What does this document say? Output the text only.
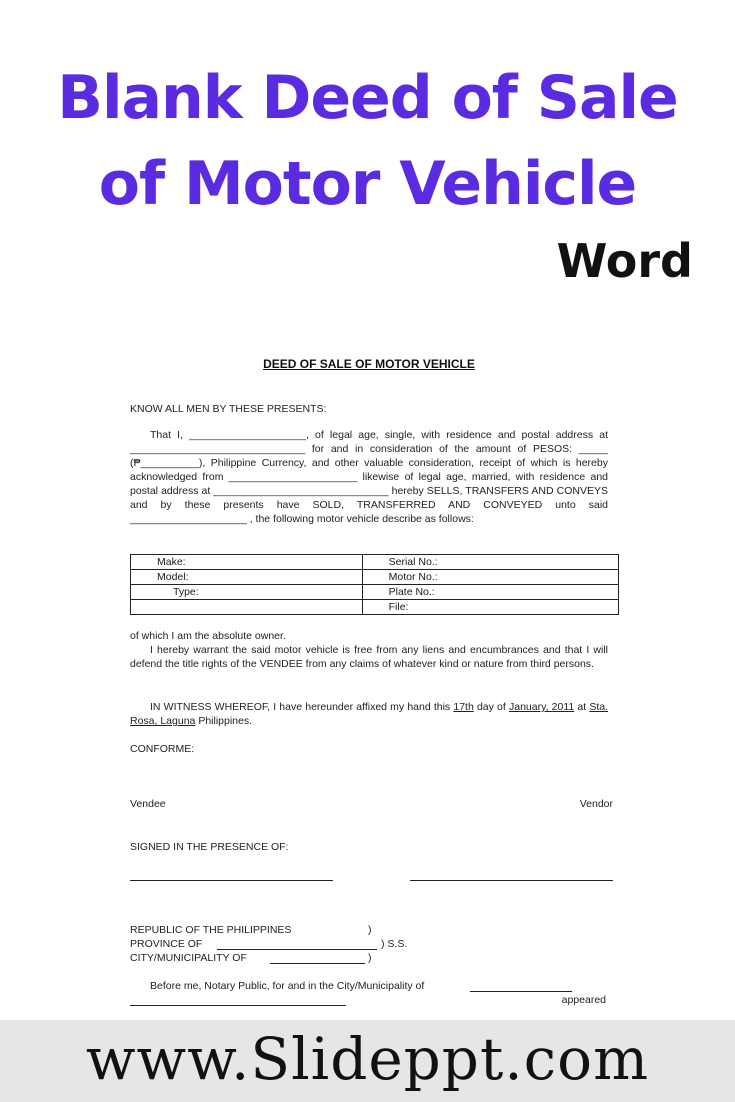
Blank Deed of Sale
of Motor Vehicle
Word
DEED OF SALE OF MOTOR VEHICLE
KNOW ALL MEN BY THESE PRESENTS:
That I, ____________________, of legal age, single, with residence and postal address at ______________________________ for and in consideration of the amount of PESOS: _____ (₱__________), Philippine Currency, and other valuable consideration, receipt of which is hereby acknowledged from ______________________ likewise of legal age, married, with residence and postal address at ______________________________ hereby SELLS, TRANSFERS AND CONVEYS and by these presents have SOLD, TRANSFERRED AND CONVEYED unto said ____________________ , the following motor vehicle describe as follows:
Make:	Serial No.:
Model:	Motor No.:
Type:	Plate No.:
	File:
of which I am the absolute owner.
I hereby warrant the said motor vehicle is free from any liens and encumbrances and that I will defend the title rights of the VENDEE from any claims of whatever kind or nature from third persons.
IN WITNESS WHEREOF, I have hereunder affixed my hand this 17th day of January, 2011 at Sta. Rosa, Laguna Philippines.
CONFORME:
Vendee	Vendor
SIGNED IN THE PRESENCE OF:
REPUBLIC OF THE PHILIPPINES	)
PROVINCE OF	) S.S.
CITY/MUNICIPALITY OF	)
Before me, Notary Public, for and in the City/Municipality of
appeared
www.Slideppt.com
